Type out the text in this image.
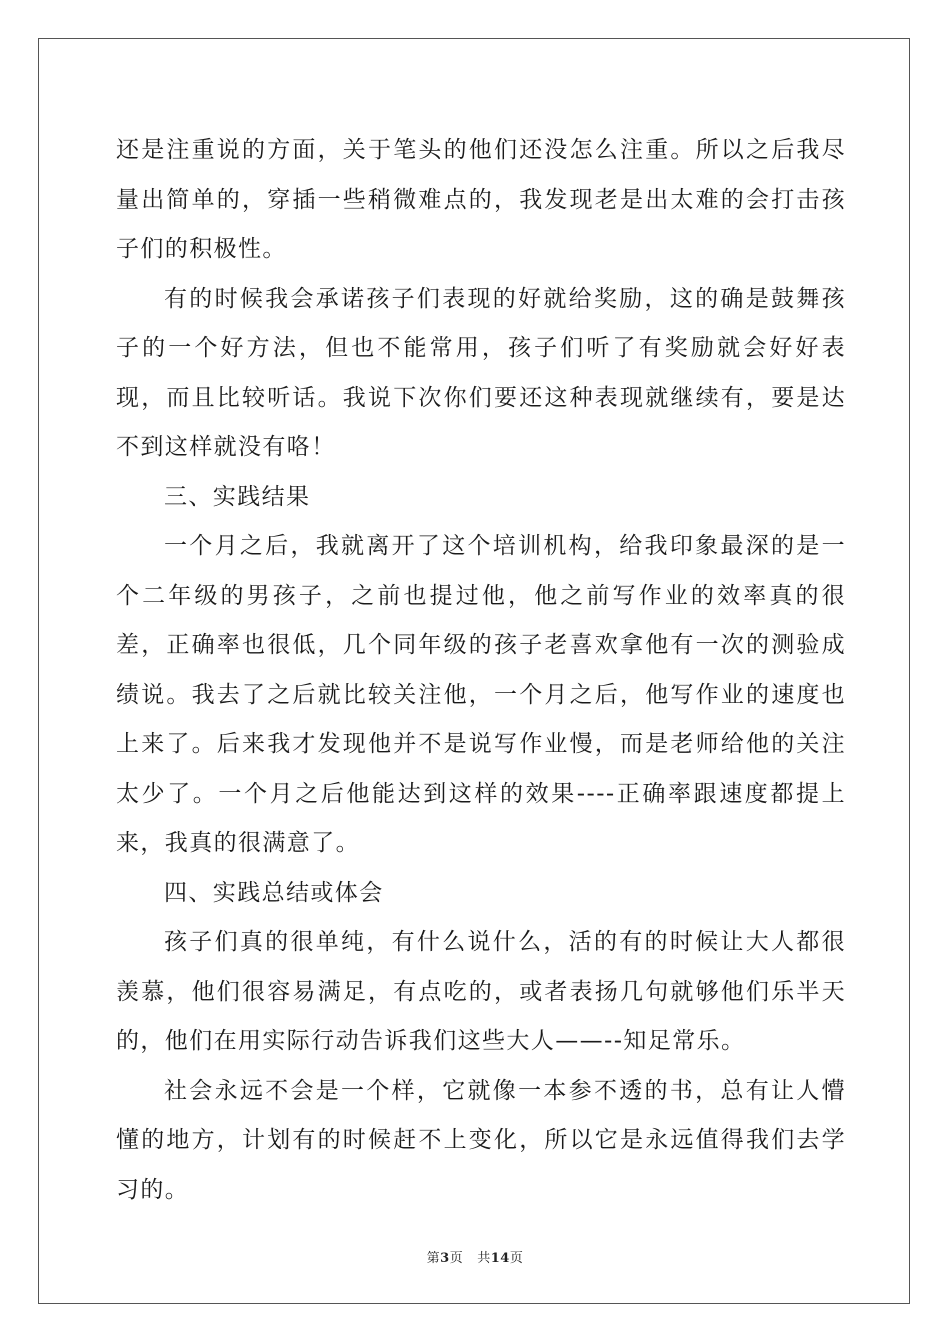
还是注重说的方面，关于笔头的他们还没怎么注重。所以之后我尽量出简单的，穿插一些稍微难点的，我发现老是出太难的会打击孩子们的积极性。

有的时候我会承诺孩子们表现的好就给奖励，这的确是鼓舞孩子的一个好方法，但也不能常用，孩子们听了有奖励就会好好表现，而且比较听话。我说下次你们要还这种表现就继续有，要是达不到这样就没有咯！

三、实践结果

一个月之后，我就离开了这个培训机构，给我印象最深的是一个二年级的男孩子，之前也提过他，他之前写作业的效率真的很差，正确率也很低，几个同年级的孩子老喜欢拿他有一次的测验成绩说。我去了之后就比较关注他，一个月之后，他写作业的速度也上来了。后来我才发现他并不是说写作业慢，而是老师给他的关注太少了。一个月之后他能达到这样的效果----正确率跟速度都提上来，我真的很满意了。

四、实践总结或体会

孩子们真的很单纯，有什么说什么，活的有的时候让大人都很羡慕，他们很容易满足，有点吃的，或者表扬几句就够他们乐半天的，他们在用实际行动告诉我们这些大人——--知足常乐。

社会永远不会是一个样，它就像一本参不透的书，总有让人懵懂的地方，计划有的时候赶不上变化，所以它是永远值得我们去学习的。

第3页 共14页
